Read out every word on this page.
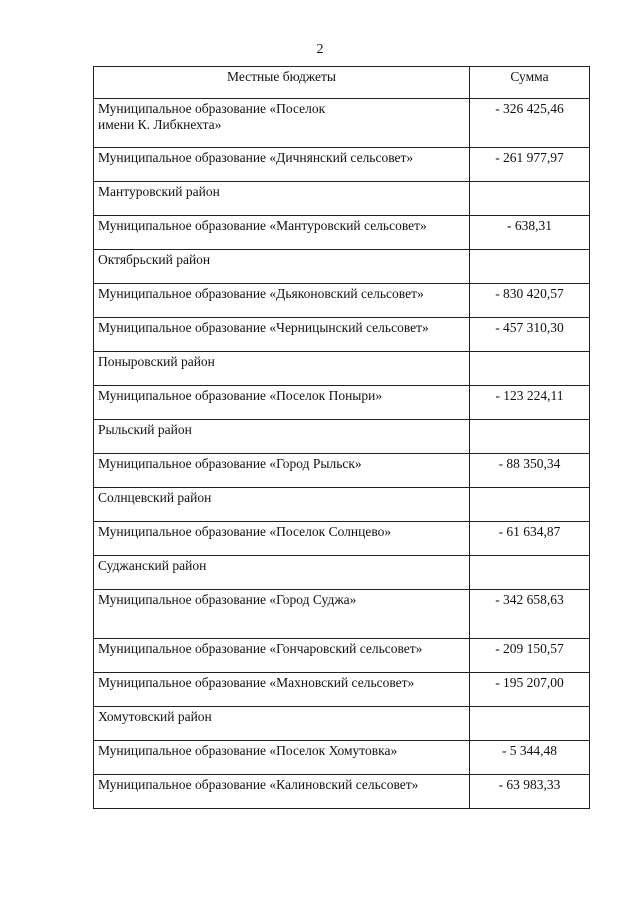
2
Местные бюджеты	Сумма
Муниципальное образование «Поселок
имени К. Либкнехта»	- 326 425,46
Муниципальное образование «Дичнянский сельсовет»	- 261 977,97
Мантуровский район	
Муниципальное образование «Мантуровский сельсовет»	- 638,31
Октябрьский район	
Муниципальное образование «Дьяконовский сельсовет»	- 830 420,57
Муниципальное образование «Черницынский сельсовет»	- 457 310,30
Поныровский район	
Муниципальное образование «Поселок Поныри»	- 123 224,11
Рыльский район	
Муниципальное образование «Город Рыльск»	- 88 350,34
Солнцевский район	
Муниципальное образование «Поселок Солнцево»	- 61 634,87
Суджанский район	
Муниципальное образование «Город Суджа»	- 342 658,63
Муниципальное образование «Гончаровский сельсовет»	- 209 150,57
Муниципальное образование «Махновский сельсовет»	- 195 207,00
Хомутовский район	
Муниципальное образование «Поселок Хомутовка»	- 5 344,48
Муниципальное образование «Калиновский сельсовет»	- 63 983,33
